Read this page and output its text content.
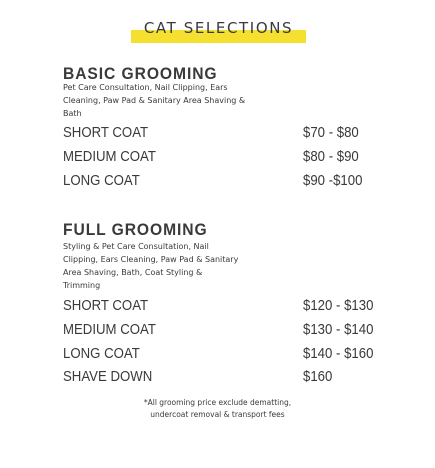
CAT SELECTIONS
BASIC GROOMING
Pet Care Consultation, Nail Clipping, Ears
Cleaning, Paw Pad & Sanitary Area Shaving &
Bath
SHORT COAT	$70 - $80
MEDIUM COAT	$80 - $90
LONG COAT	$90 -$100
FULL GROOMING
Styling & Pet Care Consultation, Nail
Clipping, Ears Cleaning, Paw Pad & Sanitary
Area Shaving, Bath, Coat Styling &
Trimming
SHORT COAT	$120 - $130
MEDIUM COAT	$130 - $140
LONG COAT	$140 - $160
SHAVE DOWN	$160
*All grooming price exclude dematting,
undercoat removal & transport fees
